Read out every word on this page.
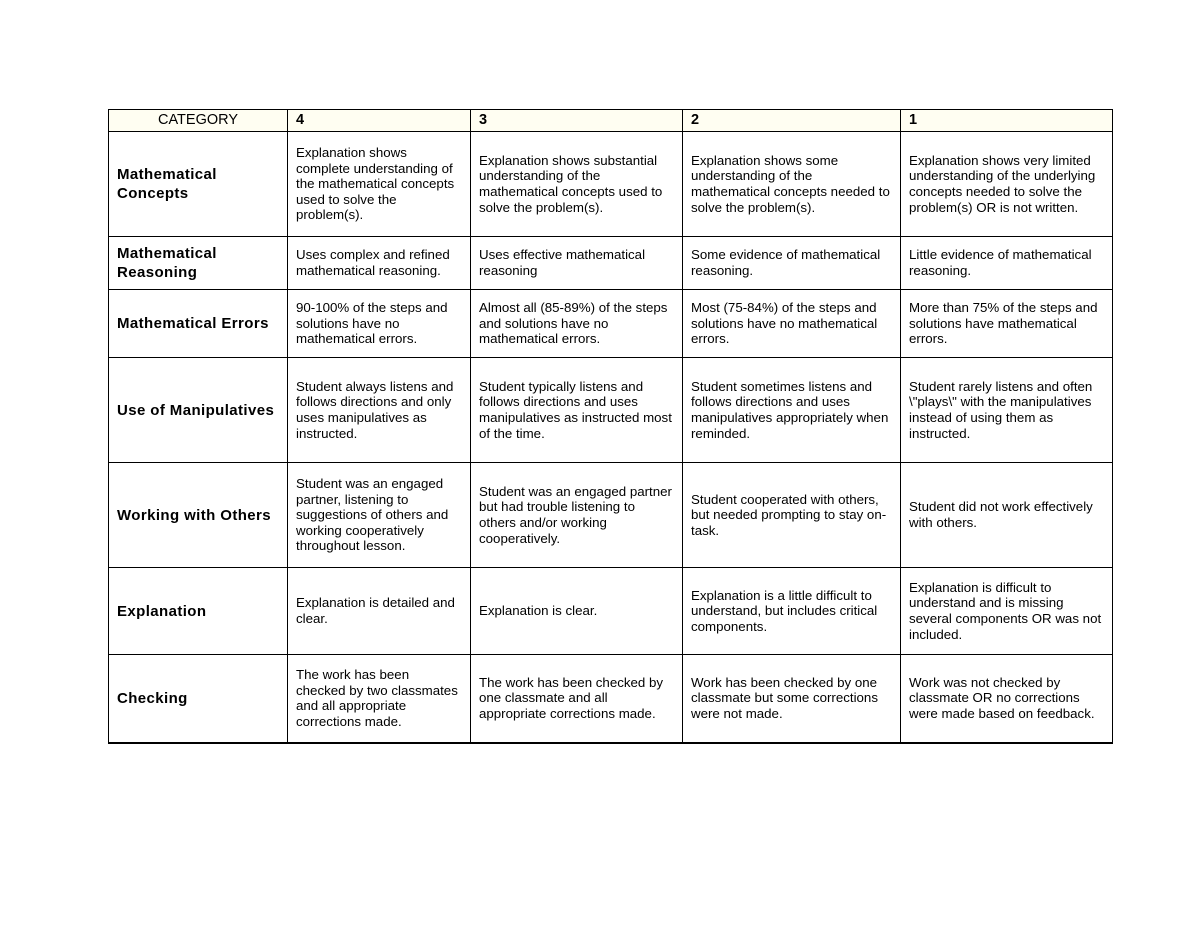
CATEGORY	4	3	2	1
Mathematical Concepts	Explanation shows complete understanding of the mathematical concepts used to solve the problem(s).	Explanation shows substantial understanding of the mathematical concepts used to solve the problem(s).	Explanation shows some understanding of the mathematical concepts needed to solve the problem(s).	Explanation shows very limited understanding of the underlying concepts needed to solve the problem(s) OR is not written.
Mathematical Reasoning	Uses complex and refined mathematical reasoning.	Uses effective mathematical reasoning	Some evidence of mathematical reasoning.	Little evidence of mathematical reasoning.
Mathematical Errors	90-100% of the steps and solutions have no mathematical errors.	Almost all (85-89%) of the steps and solutions have no mathematical errors.	Most (75-84%) of the steps and solutions have no mathematical errors.	More than 75% of the steps and solutions have mathematical errors.
Use of Manipulatives	Student always listens and follows directions and only uses manipulatives as instructed.	Student typically listens and follows directions and uses manipulatives as instructed most of the time.	Student sometimes listens and follows directions and uses manipulatives appropriately when reminded.	Student rarely listens and often \"plays\" with the manipulatives instead of using them as instructed.
Working with Others	Student was an engaged partner, listening to suggestions of others and working cooperatively throughout lesson.	Student was an engaged partner but had trouble listening to others and/or working cooperatively.	Student cooperated with others, but needed prompting to stay on-task.	Student did not work effectively with others.
Explanation	Explanation is detailed and clear.	Explanation is clear.	Explanation is a little difficult to understand, but includes critical components.	Explanation is difficult to understand and is missing several components OR was not included.
Checking	The work has been checked by two classmates and all appropriate corrections made.	The work has been checked by one classmate and all appropriate corrections made.	Work has been checked by one classmate but some corrections were not made.	Work was not checked by classmate OR no corrections were made based on feedback.
